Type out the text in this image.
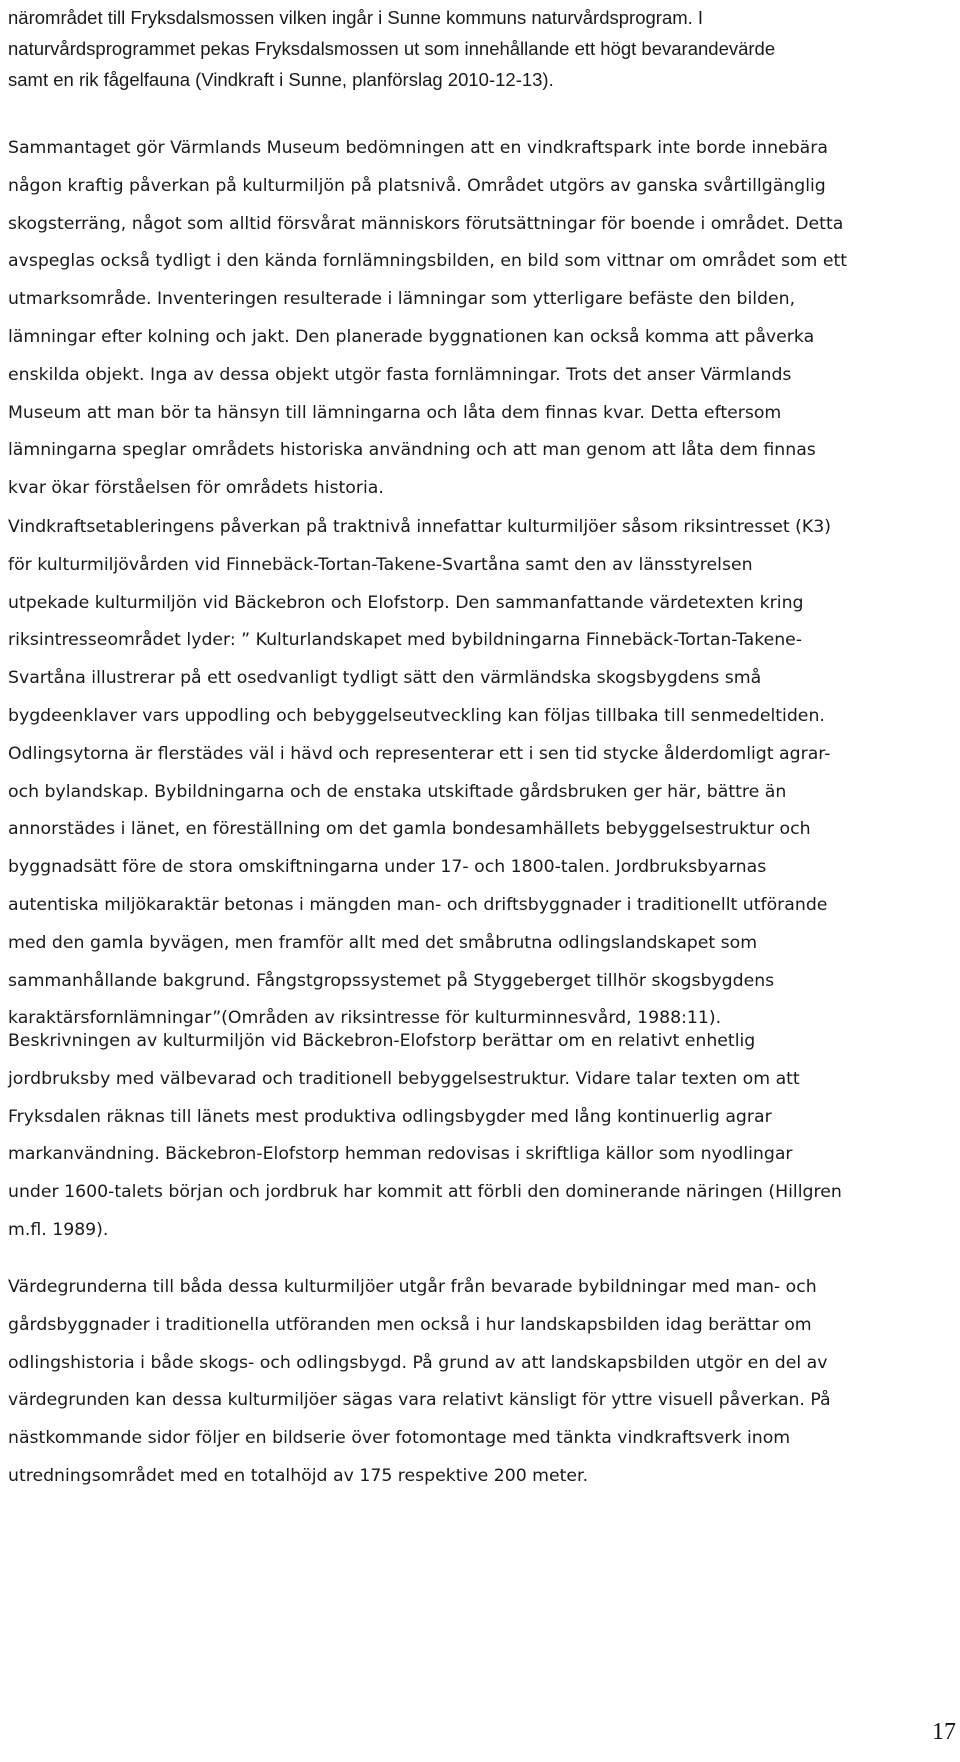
närområdet till Fryksdalsmossen vilken ingår i Sunne kommuns naturvårdsprogram. I
naturvårdsprogrammet pekas Fryksdalsmossen ut som innehållande ett högt bevarandevärde
samt en rik fågelfauna (Vindkraft i Sunne, planförslag 2010-12-13).

Sammantaget gör Värmlands Museum bedömningen att en vindkraftspark inte borde innebära
någon kraftig påverkan på kulturmiljön på platsnivå. Området utgörs av ganska svårtillgänglig
skogsterräng, något som alltid försvårat människors förutsättningar för boende i området. Detta
avspeglas också tydligt i den kända fornlämningsbilden, en bild som vittnar om området som ett
utmarksområde. Inventeringen resulterade i lämningar som ytterligare befäste den bilden,
lämningar efter kolning och jakt. Den planerade byggnationen kan också komma att påverka
enskilda objekt. Inga av dessa objekt utgör fasta fornlämningar. Trots det anser Värmlands
Museum att man bör ta hänsyn till lämningarna och låta dem finnas kvar. Detta eftersom
lämningarna speglar områdets historiska användning och att man genom att låta dem finnas
kvar ökar förståelsen för områdets historia.

Vindkraftsetableringens påverkan på traktnivå innefattar kulturmiljöer såsom riksintresset (K3)
för kulturmiljövården vid Finnebäck-Tortan-Takene-Svartåna samt den av länsstyrelsen
utpekade kulturmiljön vid Bäckebron och Elofstorp. Den sammanfattande värdetexten kring
riksintresseområdet lyder: ” Kulturlandskapet med bybildningarna Finnebäck-Tortan-Takene-
Svartåna illustrerar på ett osedvanligt tydligt sätt den värmländska skogsbygdens små
bygdeenklaver vars uppodling och bebyggelseutveckling kan följas tillbaka till senmedeltiden.
Odlingsytorna är flerstädes väl i hävd och representerar ett i sen tid stycke ålderdomligt agrar-
och bylandskap. Bybildningarna och de enstaka utskiftade gårdsbruken ger här, bättre än
annorstädes i länet, en föreställning om det gamla bondesamhällets bebyggelsestruktur och
byggnadsätt före de stora omskiftningarna under 17- och 1800-talen. Jordbruksbyarnas
autentiska miljökaraktär betonas i mängden man- och driftsbyggnader i traditionellt utförande
med den gamla byvägen, men framför allt med det småbrutna odlingslandskapet som
sammanhållande bakgrund. Fångstgropssystemet på Styggeberget tillhör skogsbygdens
karaktärsfornlämningar”(Områden av riksintresse för kulturminnesvård, 1988:11).

Beskrivningen av kulturmiljön vid Bäckebron-Elofstorp berättar om en relativt enhetlig
jordbruksby med välbevarad och traditionell bebyggelsestruktur. Vidare talar texten om att
Fryksdalen räknas till länets mest produktiva odlingsbygder med lång kontinuerlig agrar
markanvändning. Bäckebron-Elofstorp hemman redovisas i skriftliga källor som nyodlingar
under 1600-talets början och jordbruk har kommit att förbli den dominerande näringen (Hillgren
m.fl. 1989).

Värdegrunderna till båda dessa kulturmiljöer utgår från bevarade bybildningar med man- och
gårdsbyggnader i traditionella utföranden men också i hur landskapsbilden idag berättar om
odlingshistoria i både skogs- och odlingsbygd. På grund av att landskapsbilden utgör en del av
värdegrunden kan dessa kulturmiljöer sägas vara relativt känsligt för yttre visuell påverkan. På
nästkommande sidor följer en bildserie över fotomontage med tänkta vindkraftsverk inom
utredningsområdet med en totalhöjd av 175 respektive 200 meter.

17
